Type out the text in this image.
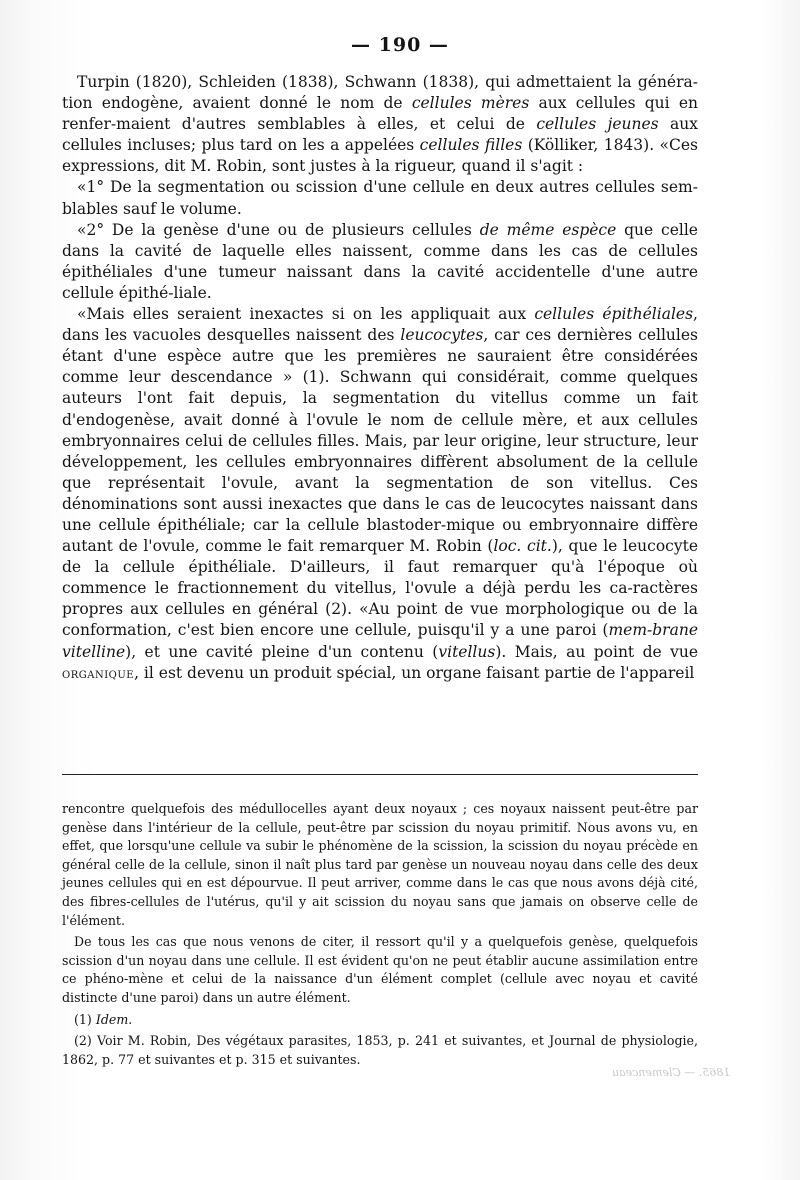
— 190 —

Turpin (1820), Schleiden (1838), Schwann (1838), qui admettaient la généra-tion endogène, avaient donné le nom de cellules mères aux cellules qui en renfer-maient d'autres semblables à elles, et celui de cellules jeunes aux cellules incluses; plus tard on les a appelées cellules filles (Kölliker, 1843). «Ces expressions, dit M. Robin, sont justes à la rigueur, quand il s'agit :

«1° De la segmentation ou scission d'une cellule en deux autres cellules sem-blables sauf le volume.

«2° De la genèse d'une ou de plusieurs cellules de même espèce que celle dans la cavité de laquelle elles naissent, comme dans les cas de cellules épithéliales d'une tumeur naissant dans la cavité accidentelle d'une autre cellule épithé-liale.

«Mais elles seraient inexactes si on les appliquait aux cellules épithéliales, dans les vacuoles desquelles naissent des leucocytes, car ces dernières cellules étant d'une espèce autre que les premières ne sauraient être considérées comme leur descendance » (1). Schwann qui considérait, comme quelques auteurs l'ont fait depuis, la segmentation du vitellus comme un fait d'endogenèse, avait donné à l'ovule le nom de cellule mère, et aux cellules embryonnaires celui de cellules filles. Mais, par leur origine, leur structure, leur développement, les cellules embryonnaires diffèrent absolument de la cellule que représentait l'ovule, avant la segmentation de son vitellus. Ces dénominations sont aussi inexactes que dans le cas de leucocytes naissant dans une cellule épithéliale; car la cellule blastoder-mique ou embryonnaire diffère autant de l'ovule, comme le fait remarquer M. Robin (loc. cit.), que le leucocyte de la cellule épithéliale. D'ailleurs, il faut remarquer qu'à l'époque où commence le fractionnement du vitellus, l'ovule a déjà perdu les ca-ractères propres aux cellules en général (2). «Au point de vue morphologique ou de la conformation, c'est bien encore une cellule, puisqu'il y a une paroi (mem-brane vitelline), et une cavité pleine d'un contenu (vitellus). Mais, au point de vue organique, il est devenu un produit spécial, un organe faisant partie de l'appareil

rencontre quelquefois des médullocelles ayant deux noyaux ; ces noyaux naissent peut-être par genèse dans l'intérieur de la cellule, peut-être par scission du noyau primitif. Nous avons vu, en effet, que lorsqu'une cellule va subir le phénomène de la scission, la scission du noyau précède en général celle de la cellule, sinon il naît plus tard par genèse un nouveau noyau dans celle des deux jeunes cellules qui en est dépourvue. Il peut arriver, comme dans le cas que nous avons déjà cité, des fibres-cellules de l'utérus, qu'il y ait scission du noyau sans que jamais on observe celle de l'élément.

De tous les cas que nous venons de citer, il ressort qu'il y a quelquefois genèse, quelquefois scission d'un noyau dans une cellule. Il est évident qu'on ne peut établir aucune assimilation entre ce phéno-mène et celui de la naissance d'un élément complet (cellule avec noyau et cavité distincte d'une paroi) dans un autre élément.

(1) Idem.

(2) Voir M. Robin, Des végétaux parasites, 1853, p. 241 et suivantes, et Journal de physiologie, 1862, p. 77 et suivantes et p. 315 et suivantes.

1865. — Clemenceau
